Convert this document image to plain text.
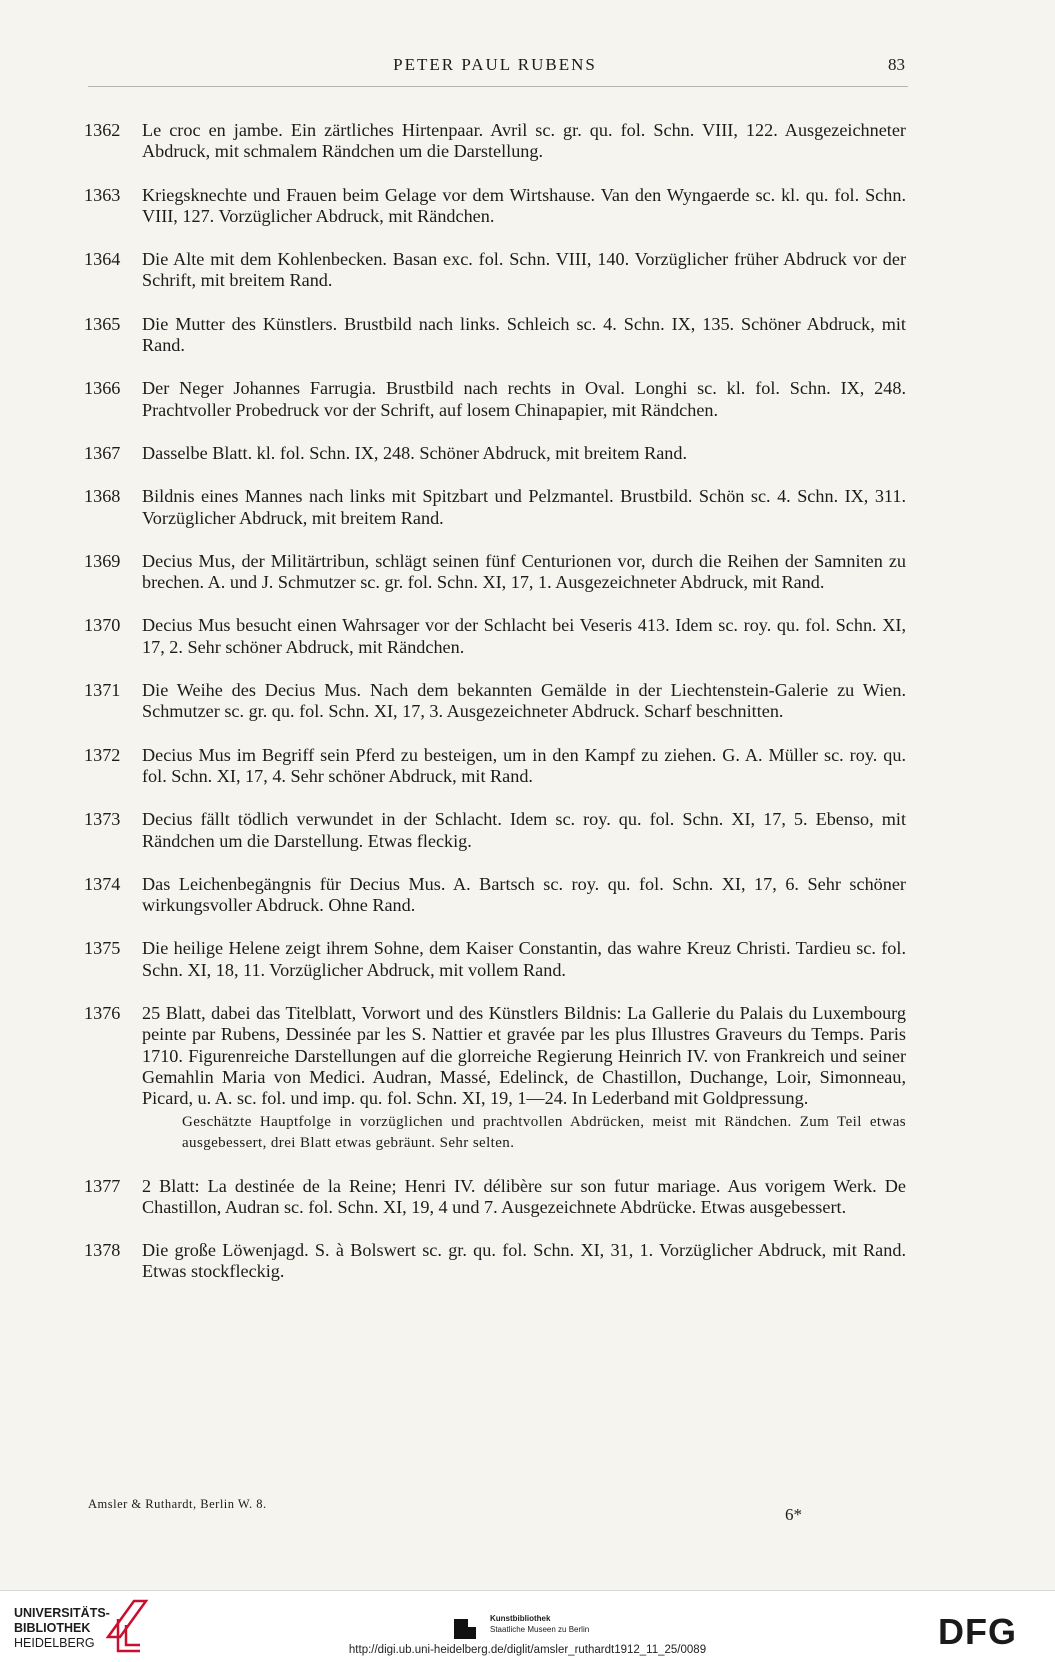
PETER PAUL RUBENS	83
1362	Le croc en jambe. Ein zärtliches Hirtenpaar. Avril sc. gr. qu. fol. Schn. VIII, 122. Ausgezeichneter Abdruck, mit schmalem Rändchen um die Darstellung.
1363	Kriegsknechte und Frauen beim Gelage vor dem Wirtshause. Van den Wyngaerde sc. kl. qu. fol. Schn. VIII, 127. Vorzüglicher Abdruck, mit Rändchen.
1364	Die Alte mit dem Kohlenbecken. Basan exc. fol. Schn. VIII, 140. Vorzüglicher früher Abdruck vor der Schrift, mit breitem Rand.
1365	Die Mutter des Künstlers. Brustbild nach links. Schleich sc. 4. Schn. IX, 135. Schöner Abdruck, mit Rand.
1366	Der Neger Johannes Farrugia. Brustbild nach rechts in Oval. Longhi sc. kl. fol. Schn. IX, 248. Prachtvoller Probedruck vor der Schrift, auf losem Chinapapier, mit Rändchen.
1367	Dasselbe Blatt. kl. fol. Schn. IX, 248. Schöner Abdruck, mit breitem Rand.
1368	Bildnis eines Mannes nach links mit Spitzbart und Pelzmantel. Brustbild. Schön sc. 4. Schn. IX, 311. Vorzüglicher Abdruck, mit breitem Rand.
1369	Decius Mus, der Militärtribun, schlägt seinen fünf Centurionen vor, durch die Reihen der Samniten zu brechen. A. und J. Schmutzer sc. gr. fol. Schn. XI, 17, 1. Ausgezeichneter Abdruck, mit Rand.
1370	Decius Mus besucht einen Wahrsager vor der Schlacht bei Veseris 413. Idem sc. roy. qu. fol. Schn. XI, 17, 2. Sehr schöner Abdruck, mit Rändchen.
1371	Die Weihe des Decius Mus. Nach dem bekannten Gemälde in der Liechtenstein-Galerie zu Wien. Schmutzer sc. gr. qu. fol. Schn. XI, 17, 3. Ausgezeichneter Abdruck. Scharf beschnitten.
1372	Decius Mus im Begriff sein Pferd zu besteigen, um in den Kampf zu ziehen. G. A. Müller sc. roy. qu. fol. Schn. XI, 17, 4. Sehr schöner Abdruck, mit Rand.
1373	Decius fällt tödlich verwundet in der Schlacht. Idem sc. roy. qu. fol. Schn. XI, 17, 5. Ebenso, mit Rändchen um die Darstellung. Etwas fleckig.
1374	Das Leichenbegängnis für Decius Mus. A. Bartsch sc. roy. qu. fol. Schn. XI, 17, 6. Sehr schöner wirkungsvoller Abdruck. Ohne Rand.
1375	Die heilige Helene zeigt ihrem Sohne, dem Kaiser Constantin, das wahre Kreuz Christi. Tardieu sc. fol. Schn. XI, 18, 11. Vorzüglicher Abdruck, mit vollem Rand.
1376	25 Blatt, dabei das Titelblatt, Vorwort und des Künstlers Bildnis: La Gallerie du Palais du Luxembourg peinte par Rubens, Dessinée par les S. Nattier et gravée par les plus Illustres Graveurs du Temps. Paris 1710. Figurenreiche Darstellungen auf die glorreiche Regierung Heinrich IV. von Frankreich und seiner Gemahlin Maria von Medici. Audran, Massé, Edelinck, de Chastillon, Duchange, Loir, Simonneau, Picard, u. A. sc. fol. und imp. qu. fol. Schn. XI, 19, 1—24. In Lederband mit Goldpressung.
Geschätzte Hauptfolge in vorzüglichen und prachtvollen Abdrücken, meist mit Rändchen. Zum Teil etwas ausgebessert, drei Blatt etwas gebräunt. Sehr selten.
1377	2 Blatt: La destinée de la Reine; Henri IV. délibère sur son futur mariage. Aus vorigem Werk. De Chastillon, Audran sc. fol. Schn. XI, 19, 4 und 7. Ausgezeichnete Abdrücke. Etwas ausgebessert.
1378	Die große Löwenjagd. S. à Bolswert sc. gr. qu. fol. Schn. XI, 31, 1. Vorzüglicher Abdruck, mit Rand. Etwas stockfleckig.
Amsler & Ruthardt, Berlin W. 8.
6*
UNIVERSITÄTS-
BIBLIOTHEK
HEIDELBERG
Kunstbibliothek
Staatliche Museen zu Berlin	DFG
http://digi.ub.uni-heidelberg.de/diglit/amsler_ruthardt1912_11_25/0089
